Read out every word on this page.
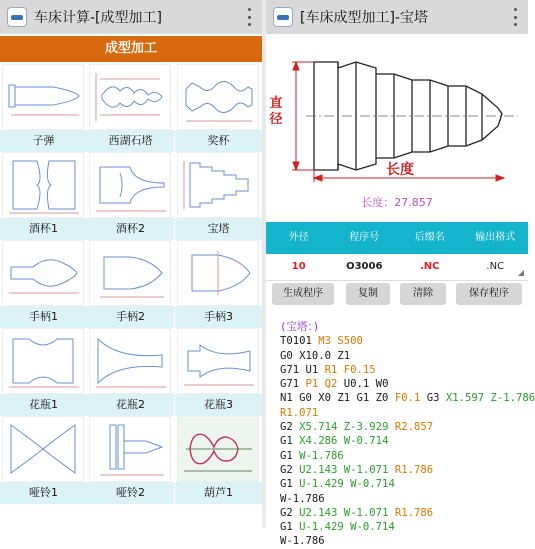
车床计算-[成型加工]
成型加工
子弹	西湖石塔	奖杯
酒杯1	酒杯2	宝塔
手柄1	手柄2	手柄3
花瓶1	花瓶2	花瓶3
哑铃1	哑铃2	葫芦1
[车床成型加工]-宝塔
直径
长度
长度：27.857
外径	程序号	后缀名	输出格式
10	O3006	.NC	.NC
生成程序	复制	清除	保存程序
(宝塔：)
T0101 M3 S500
G0 X10.0 Z1
G71 U1 R1 F0.15
G71 P1 Q2 U0.1 W0
N1 G0 X0 Z1 G1 Z0 F0.1 G3 X1.597 Z-1.786
R1.071
G2 X5.714 Z-3.929 R2.857
G1 X4.286 W-0.714
G1 W-1.786
G2 U2.143 W-1.071 R1.786
G1 U-1.429 W-0.714
W-1.786
G2 U2.143 W-1.071 R1.786
G1 U-1.429 W-0.714
W-1.786
